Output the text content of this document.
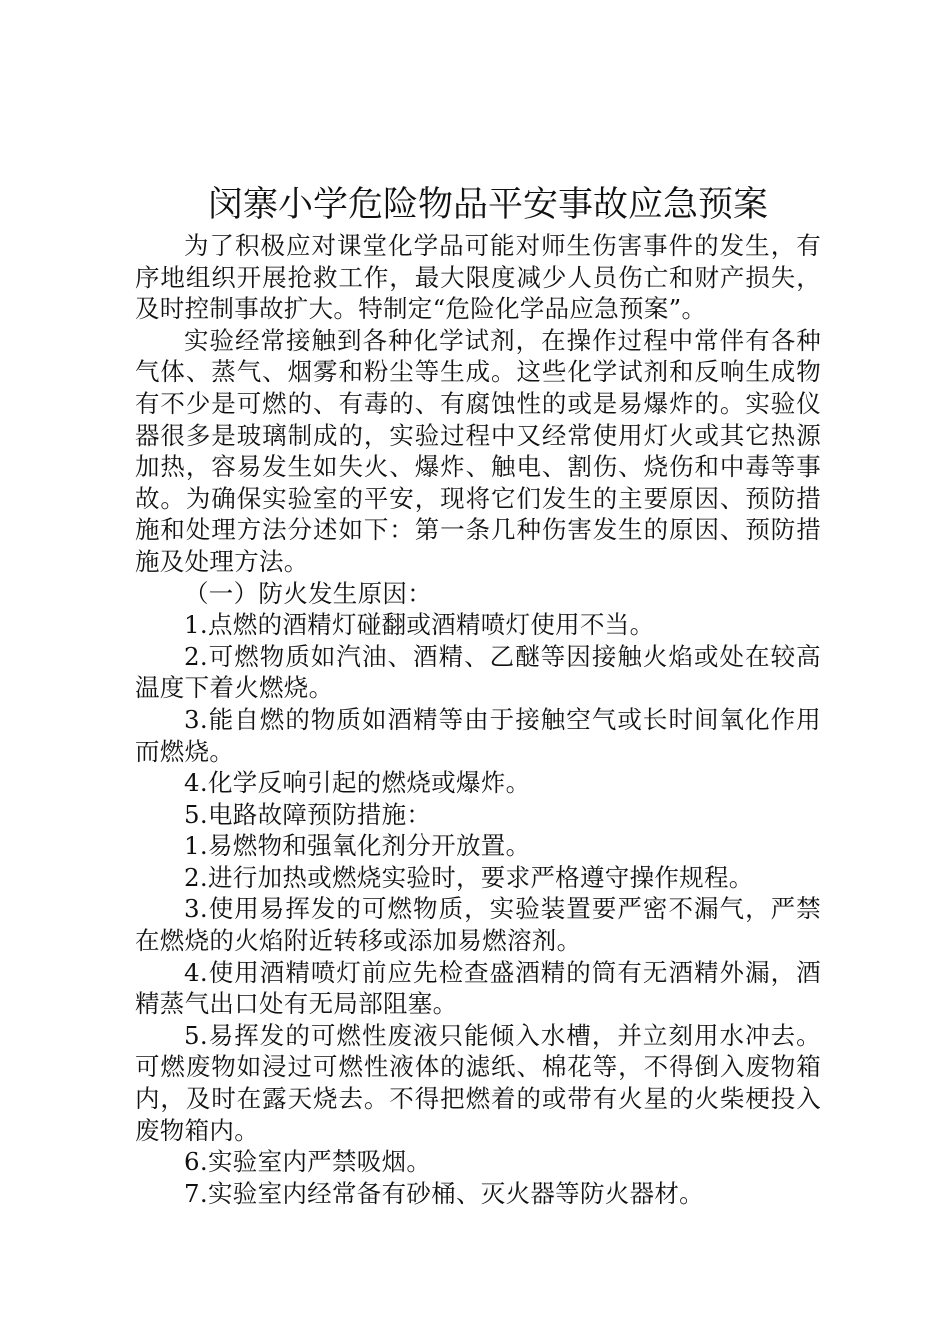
闵寨小学危险物品平安事故应急预案

为了积极应对课堂化学品可能对师生伤害事件的发生，有序地组织开展抢救工作，最大限度减少人员伤亡和财产损失，及时控制事故扩大。特制定“危险化学品应急预案”。

实验经常接触到各种化学试剂，在操作过程中常伴有各种气体、蒸气、烟雾和粉尘等生成。这些化学试剂和反响生成物有不少是可燃的、有毒的、有腐蚀性的或是易爆炸的。实验仪器很多是玻璃制成的，实验过程中又经常使用灯火或其它热源加热，容易发生如失火、爆炸、触电、割伤、烧伤和中毒等事故。为确保实验室的平安，现将它们发生的主要原因、预防措施和处理方法分述如下：第一条几种伤害发生的原因、预防措施及处理方法。

（一）防火发生原因：

1.点燃的酒精灯碰翻或酒精喷灯使用不当。

2.可燃物质如汽油、酒精、乙醚等因接触火焰或处在较高温度下着火燃烧。

3.能自燃的物质如酒精等由于接触空气或长时间氧化作用而燃烧。

4.化学反响引起的燃烧或爆炸。

5.电路故障预防措施：

1.易燃物和强氧化剂分开放置。

2.进行加热或燃烧实验时，要求严格遵守操作规程。

3.使用易挥发的可燃物质，实验装置要严密不漏气，严禁在燃烧的火焰附近转移或添加易燃溶剂。

4.使用酒精喷灯前应先检查盛酒精的筒有无酒精外漏，酒精蒸气出口处有无局部阻塞。

5.易挥发的可燃性废液只能倾入水槽，并立刻用水冲去。可燃废物如浸过可燃性液体的滤纸、棉花等，不得倒入废物箱内，及时在露天烧去。不得把燃着的或带有火星的火柴梗投入废物箱内。

6.实验室内严禁吸烟。

7.实验室内经常备有砂桶、灭火器等防火器材。
